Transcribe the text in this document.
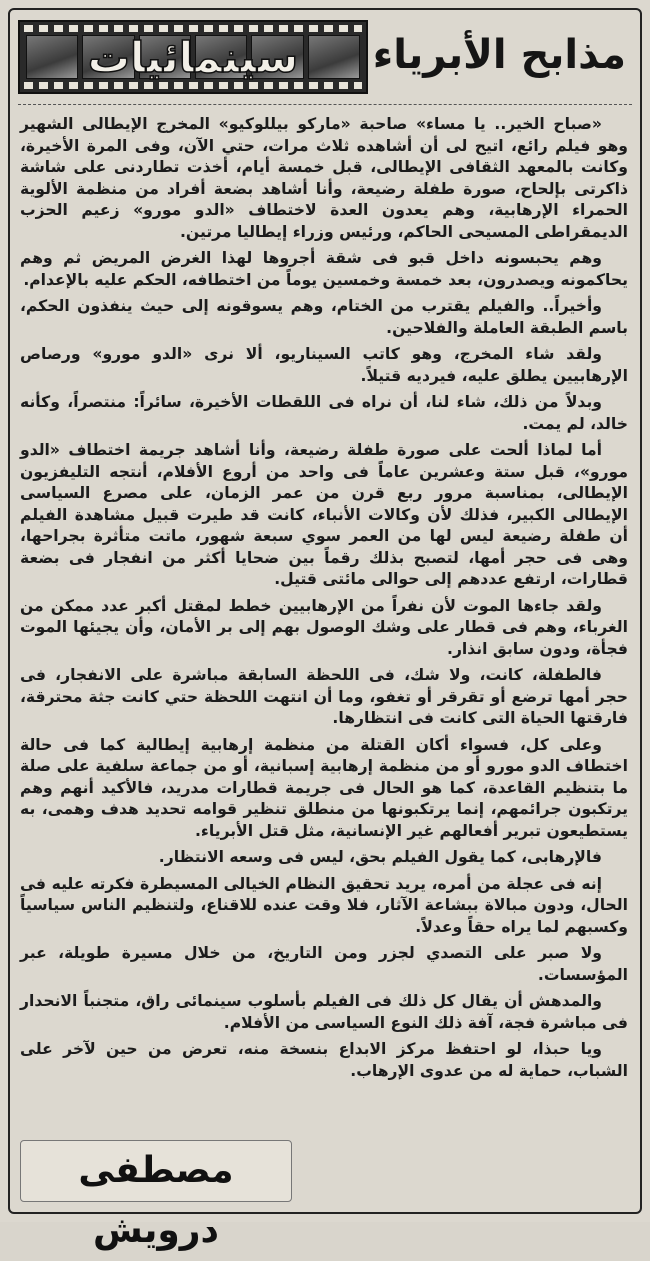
سينمائيات	مذابح الأبرياء

«صباح الخير.. يا مساء» صاحبة «ماركو بيللوكيو» المخرج الإيطالى الشهير وهو فيلم رائع، اتيح لى أن أشاهده ثلاث مرات، حتي الآن، وفى المرة الأخيرة، وكانت بالمعهد الثقافى الإيطالى، قبل خمسة أيام، أخذت تطاردنى على شاشة ذاكرتى بإلحاح، صورة طفلة رضيعة، وأنا أشاهد بضعة أفراد من منظمة الألوية الحمراء الإرهابية، وهم يعدون العدة لاختطاف «الدو مورو» زعيم الحزب الديمقراطى المسيحى الحاكم، ورئيس وزراء إيطاليا مرتين.

وهم يحبسونه داخل قبو فى شقة أجروها لهذا الغرض المريض ثم وهم يحاكمونه ويصدرون، بعد خمسة وخمسين يوماً من اختطافه، الحكم عليه بالإعدام.

وأخيراً.. والفيلم يقترب من الختام، وهم يسوقونه إلى حيث ينفذون الحكم، باسم الطبقة العاملة والفلاحين.

ولقد شاء المخرج، وهو كاتب السيناريو، ألا نرى «الدو مورو» ورصاص الإرهابيين يطلق عليه، فيرديه قتيلاً.

وبدلاً من ذلك، شاء لنا، أن نراه فى اللقطات الأخيرة، سائراً: منتصراً، وكأنه خالد، لم يمت.

أما لماذا ألحت على صورة طفلة رضيعة، وأنا أشاهد جريمة اختطاف «الدو مورو»، قبل ستة وعشرين عاماً فى واحد من أروع الأفلام، أنتجه التليفزيون الإيطالى، بمناسبة مرور ربع قرن من عمر الزمان، على مصرع السياسى الإيطالى الكبير، فذلك لأن وكالات الأنباء، كانت قد طيرت قبيل مشاهدة الفيلم أن طفلة رضيعة ليس لها من العمر سوي سبعة شهور، ماتت متأثرة بجراحها، وهى فى حجر أمها، لتصبح بذلك رقماً بين ضحايا أكثر من انفجار فى بضعة قطارات، ارتفع عددهم إلى حوالى مائتى قتيل.

ولقد جاءها الموت لأن نفراً من الإرهابيين خطط لمقتل أكبر عدد ممكن من الغرباء، وهم فى قطار على وشك الوصول بهم إلى بر الأمان، وأن يجيئها الموت فجأة، ودون سابق انذار.

فالطفلة، كانت، ولا شك، فى اللحظة السابقة مباشرة على الانفجار، فى حجر أمها ترضع أو تقرقر أو تغفو، وما أن انتهت اللحظة حتي كانت جثة محترقة، فارقتها الحياة التى كانت فى انتظارها.

وعلى كل، فسواء أكان القتلة من منظمة إرهابية إيطالية كما فى حالة اختطاف الدو مورو أو من منظمة إرهابية إسبانية، أو من جماعة سلفية على صلة ما بتنظيم القاعدة، كما هو الحال فى جريمة قطارات مدريد، فالأكيد أنهم وهم يرتكبون جرائمهم، إنما يرتكبونها من منطلق تنظير قوامه تحديد هدف وهمى، به يستطيعون تبرير أفعالهم غير الإنسانية، مثل قتل الأبرياء.

فالإرهابى، كما يقول الفيلم بحق، ليس فى وسعه الانتظار.

إنه فى عجلة من أمره، يريد تحقيق النظام الخيالى المسيطرة فكرته عليه فى الحال، ودون مبالاة ببشاعة الآثار، فلا وقت عنده للاقناع، ولتنظيم الناس سياسياً وكسبهم لما يراه حقاً وعدلاً.

ولا صبر على التصدي لجزر ومن التاريخ، من خلال مسيرة طويلة، عبر المؤسسات.

والمدهش أن يقال كل ذلك فى الفيلم بأسلوب سينمائى راق، متجنباً الانحدار فى مباشرة فجة، آفة ذلك النوع السياسى من الأفلام.

ويا حبذا، لو احتفظ مركز الابداع بنسخة منه، تعرض من حين لآخر على الشباب، حماية له من عدوى الإرهاب.

مصطفى درويش
